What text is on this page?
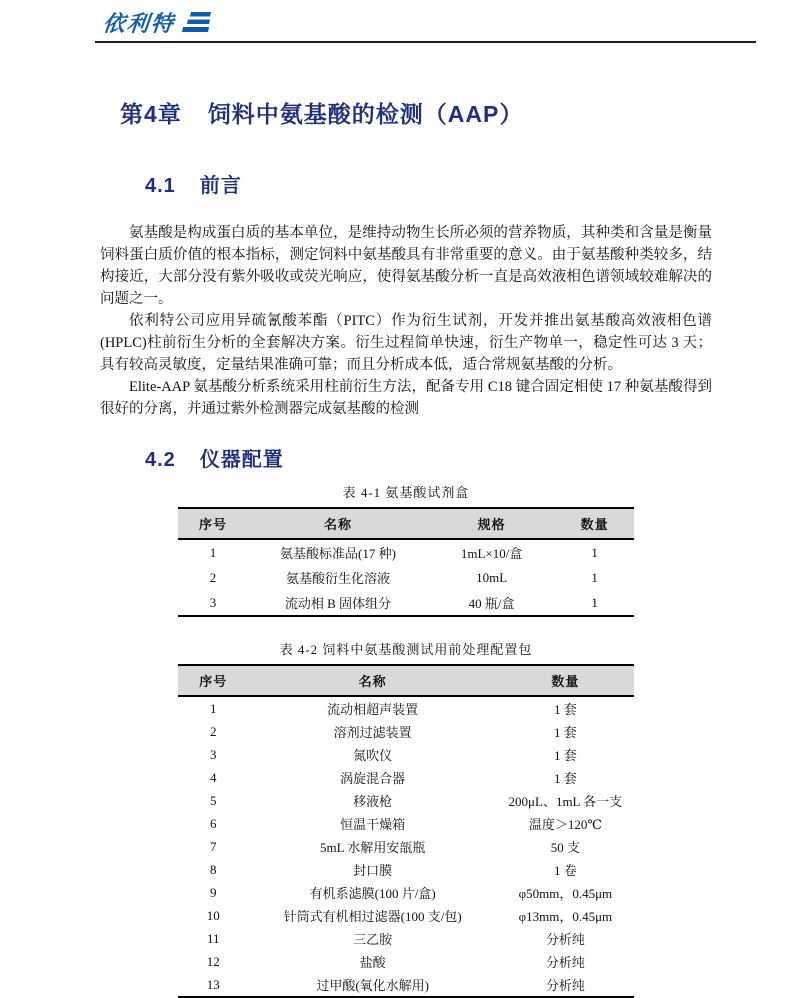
依利特
第4章 饲料中氨基酸的检测（AAP）
4.1 前言

氨基酸是构成蛋白质的基本单位，是维持动物生长所必须的营养物质，其种类和含量是衡量饲料蛋白质价值的根本指标，测定饲料中氨基酸具有非常重要的意义。由于氨基酸种类较多，结构接近，大部分没有紫外吸收或荧光响应，使得氨基酸分析一直是高效液相色谱领域较难解决的问题之一。

依利特公司应用异硫氰酸苯酯（PITC）作为衍生试剂，开发并推出氨基酸高效液相色谱(HPLC)柱前衍生分析的全套解决方案。衍生过程简单快速，衍生产物单一，稳定性可达 3 天；具有较高灵敏度，定量结果准确可靠；而且分析成本低，适合常规氨基酸的分析。

Elite-AAP 氨基酸分析系统采用柱前衍生方法，配备专用 C18 键合固定相使 17 种氨基酸得到很好的分离，并通过紫外检测器完成氨基酸的检测

4.2 仪器配置
表 4-1 氨基酸试剂盒
序号	名称	规格	数量
1	氨基酸标准品(17 种)	1mL×10/盒	1
2	氨基酸衍生化溶液	10mL	1
3	流动相 B 固体组分	40 瓶/盒	1
表 4-2 饲料中氨基酸测试用前处理配置包
序号	名称	数量
1	流动相超声装置	1 套
2	溶剂过滤装置	1 套
3	氮吹仪	1 套
4	涡旋混合器	1 套
5	移液枪	200μL、1mL 各一支
6	恒温干燥箱	温度＞120℃
7	5mL 水解用安瓿瓶	50 支
8	封口膜	1 卷
9	有机系滤膜(100 片/盒)	φ50mm，0.45μm
10	针筒式有机相过滤器(100 支/包)	φ13mm，0.45μm
11	三乙胺	分析纯
12	盐酸	分析纯
13	过甲酸(氧化水解用)	分析纯
